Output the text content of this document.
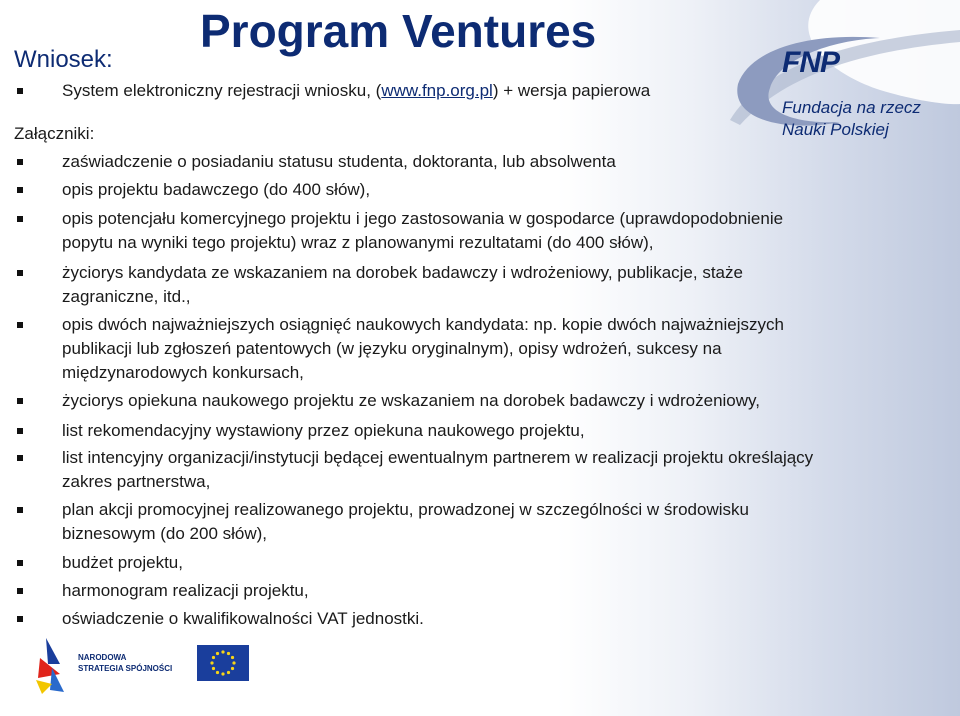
Program Ventures
Wniosek:
System elektroniczny rejestracji wniosku, (www.fnp.org.pl) + wersja papierowa
Załączniki:
zaświadczenie o posiadaniu statusu studenta, doktoranta, lub absolwenta
opis projektu badawczego (do 400 słów),
opis potencjału komercyjnego projektu i jego zastosowania w gospodarce (uprawdopodobnienie
popytu na wyniki tego projektu) wraz z planowanymi rezultatami (do 400 słów),
życiorys kandydata ze wskazaniem na dorobek badawczy i wdrożeniowy, publikacje, staże
zagraniczne, itd.,
opis dwóch najważniejszych osiągnięć naukowych kandydata: np. kopie dwóch najważniejszych
publikacji lub zgłoszeń patentowych (w języku oryginalnym), opisy wdrożeń, sukcesy na
międzynarodowych konkursach,
życiorys opiekuna naukowego projektu ze wskazaniem na dorobek badawczy i wdrożeniowy,
list rekomendacyjny wystawiony przez opiekuna naukowego projektu,
list intencyjny organizacji/instytucji będącej ewentualnym partnerem w realizacji projektu określający
zakres partnerstwa,
plan akcji promocyjnej realizowanego projektu, prowadzonej w szczególności w środowisku
biznesowym (do 200 słów),
budżet projektu,
harmonogram realizacji projektu,
oświadczenie o kwalifikowalności VAT jednostki.
FNP
Fundacja na rzecz
Nauki Polskiej
NARODOWA
STRATEGIA SPÓJNOŚCI
